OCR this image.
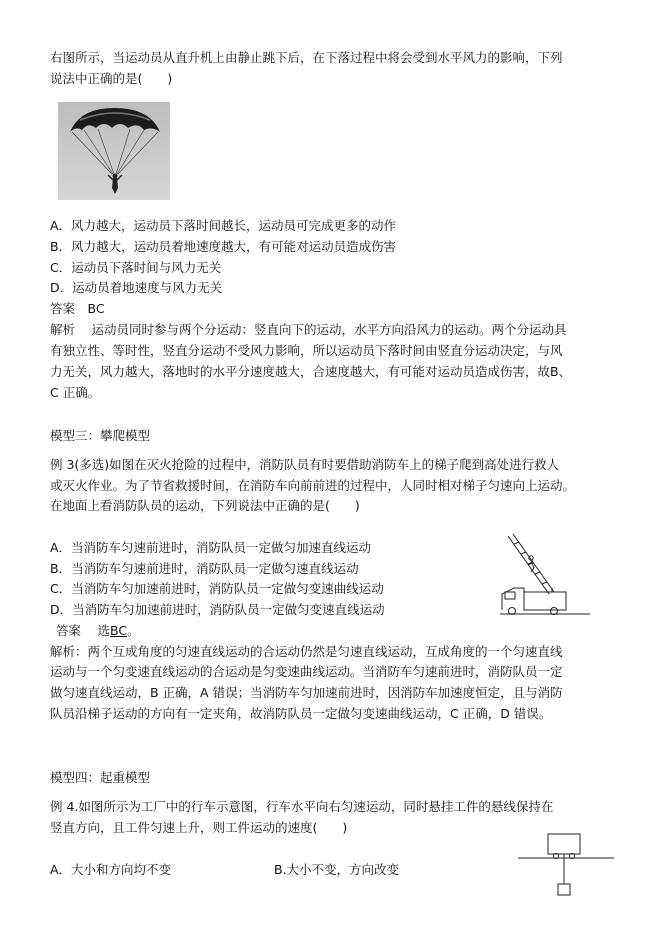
右图所示，当运动员从直升机上由静止跳下后，在下落过程中将会受到水平风力的影响，下列
说法中正确的是(　　)
A．风力越大，运动员下落时间越长，运动员可完成更多的动作
B．风力越大，运动员着地速度越大，有可能对运动员造成伤害
C．运动员下落时间与风力无关
D．运动员着地速度与风力无关
答案　BC
解析　 运动员同时参与两个分运动：竖直向下的运动，水平方向沿风力的运动。两个分运动具
有独立性、等时性，竖直分运动不受风力影响，所以运动员下落时间由竖直分运动决定，与风
力无关，风力越大，落地时的水平分速度越大，合速度越大，有可能对运动员造成伤害，故B、
C 正确。
模型三：攀爬模型
例 3(多选)如图在灭火抢险的过程中，消防队员有时要借助消防车上的梯子爬到高处进行救人
或灭火作业。为了节省救援时间，在消防车向前前进的过程中，人同时相对梯子匀速向上运动。
在地面上看消防队员的运动，下列说法中正确的是(　　)
A．当消防车匀速前进时，消防队员一定做匀加速直线运动
B．当消防车匀速前进时，消防队员一定做匀速直线运动
C．当消防车匀加速前进时，消防队员一定做匀变速曲线运动
D．当消防车匀加速前进时，消防队员一定做匀变速直线运动
答案　 选BC。
解析：两个互成角度的匀速直线运动的合运动仍然是匀速直线运动，互成角度的一个匀速直线
运动与一个匀变速直线运动的合运动是匀变速曲线运动。当消防车匀速前进时，消防队员一定
做匀速直线运动，B 正确，A 错误；当消防车匀加速前进时，因消防车加速度恒定，且与消防
队员沿梯子运动的方向有一定夹角，故消防队员一定做匀变速曲线运动，C 正确，D 错误。
模型四：起重模型
例 4.如图所示为工厂中的行车示意图，行车水平向右匀速运动，同时悬挂工件的悬线保持在
竖直方向，且工件匀速上升，则工件运动的速度(　　)
A．大小和方向均不变	B.大小不变，方向改变
